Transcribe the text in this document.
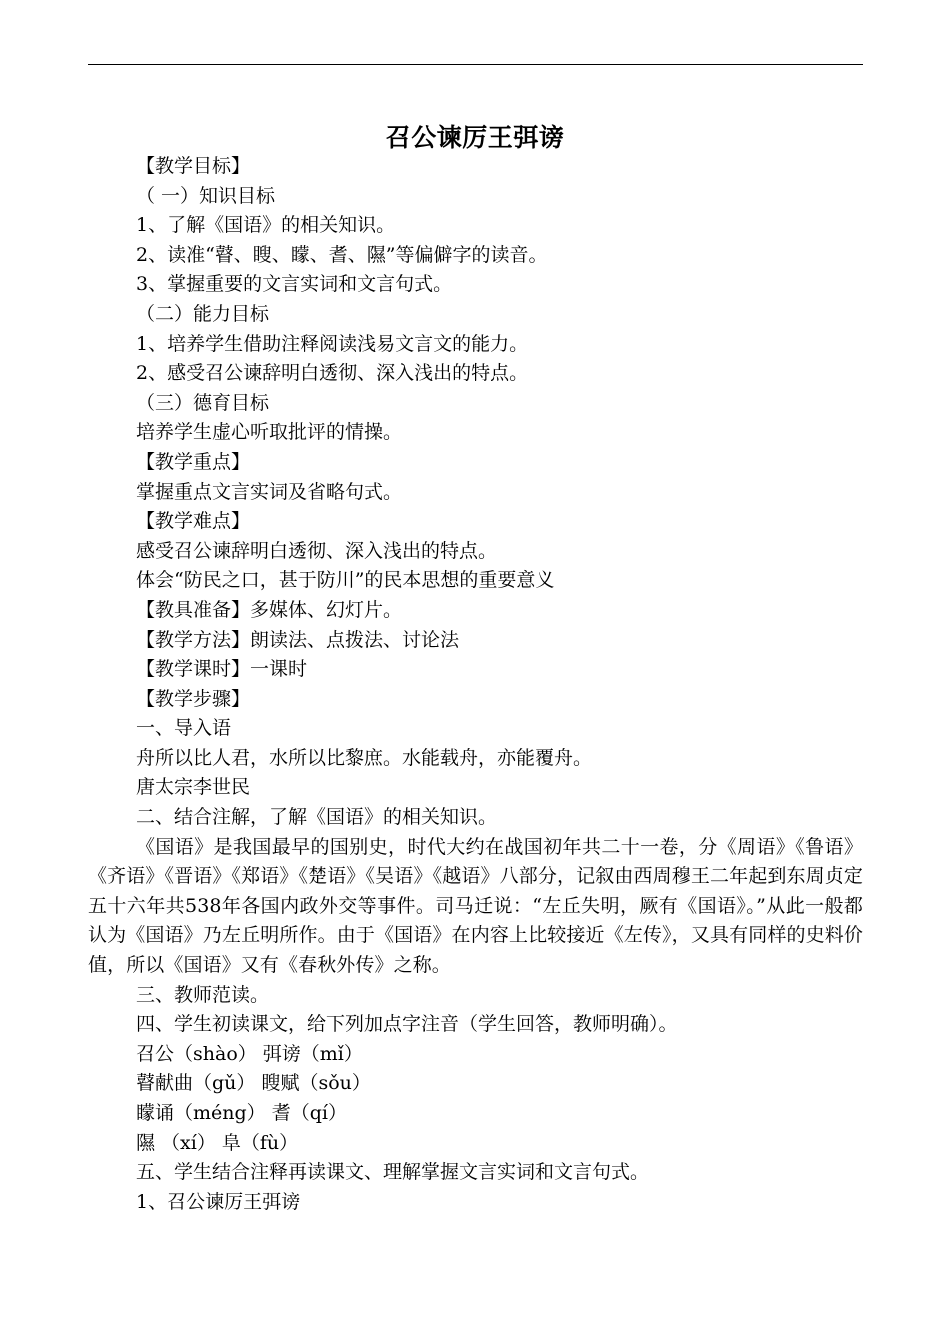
召公谏厉王弭谤
【教学目标】
（ 一）知识目标
1、了解《国语》的相关知识。
2、读准“瞽、瞍、矇、耆、隰”等偏僻字的读音。
3、掌握重要的文言实词和文言句式。
（二）能力目标
1、培养学生借助注释阅读浅易文言文的能力。
2、感受召公谏辞明白透彻、深入浅出的特点。
（三）德育目标
培养学生虚心听取批评的情操。
【教学重点】
掌握重点文言实词及省略句式。
【教学难点】
感受召公谏辞明白透彻、深入浅出的特点。
体会“防民之口，甚于防川”的民本思想的重要意义
【教具准备】多媒体、幻灯片。
【教学方法】朗读法、点拨法、讨论法
【教学课时】一课时
【教学步骤】
一、导入语
舟所以比人君，水所以比黎庶。水能载舟，亦能覆舟。
唐太宗李世民
二、结合注解，了解《国语》的相关知识。
《国语》是我国最早的国别史，时代大约在战国初年共二十一卷，分《周语》《鲁语》《齐语》《晋语》《郑语》《楚语》《吴语》《越语》八部分，记叙由西周穆王二年起到东周贞定五十六年共538年各国内政外交等事件。司马迁说：“左丘失明，厥有《国语》。”从此一般都认为《国语》乃左丘明所作。由于《国语》在内容上比较接近《左传》，又具有同样的史料价值，所以《国语》又有《春秋外传》之称。
三、教师范读。
四、学生初读课文，给下列加点字注音（学生回答，教师明确）。
召公（shào） 弭谤（mǐ）
瞽献曲（gǔ） 瞍赋（sǒu）
矇诵（méng） 耆（qí）
隰 （xí） 阜（fù）
五、学生结合注释再读课文、理解掌握文言实词和文言句式。
1、召公谏厉王弭谤
